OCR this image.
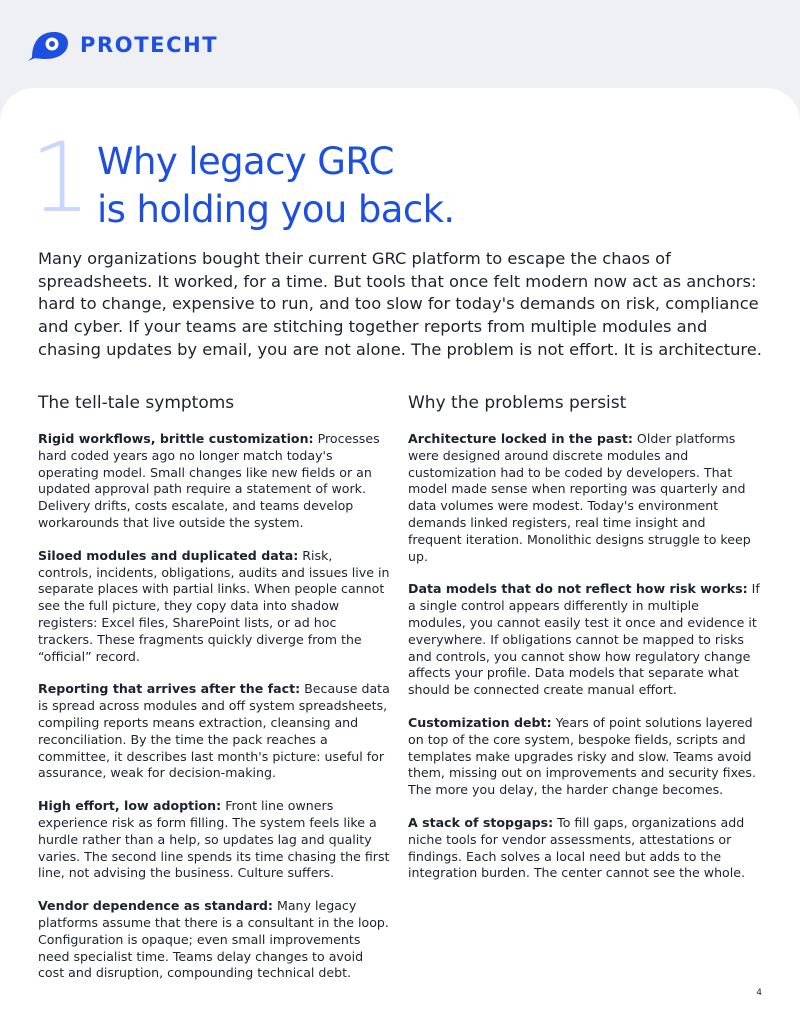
PROTECHT
1 Why legacy GRC
is holding you back.

Many organizations bought their current GRC platform to escape the chaos of spreadsheets. It worked, for a time. But tools that once felt modern now act as anchors: hard to change, expensive to run, and too slow for today's demands on risk, compliance and cyber. If your teams are stitching together reports from multiple modules and chasing updates by email, you are not alone. The problem is not effort. It is architecture.

The tell-tale symptoms

Rigid workflows, brittle customization: Processes hard coded years ago no longer match today's operating model. Small changes like new fields or an updated approval path require a statement of work. Delivery drifts, costs escalate, and teams develop workarounds that live outside the system.

Siloed modules and duplicated data: Risk, controls, incidents, obligations, audits and issues live in separate places with partial links. When people cannot see the full picture, they copy data into shadow registers: Excel files, SharePoint lists, or ad hoc trackers. These fragments quickly diverge from the “official” record.

Reporting that arrives after the fact: Because data is spread across modules and off system spreadsheets, compiling reports means extraction, cleansing and reconciliation. By the time the pack reaches a committee, it describes last month's picture: useful for assurance, weak for decision-making.

High effort, low adoption: Front line owners experience risk as form filling. The system feels like a hurdle rather than a help, so updates lag and quality varies. The second line spends its time chasing the first line, not advising the business. Culture suffers.

Vendor dependence as standard: Many legacy platforms assume that there is a consultant in the loop. Configuration is opaque; even small improvements need specialist time. Teams delay changes to avoid cost and disruption, compounding technical debt.

Why the problems persist

Architecture locked in the past: Older platforms were designed around discrete modules and customization had to be coded by developers. That model made sense when reporting was quarterly and data volumes were modest. Today's environment demands linked registers, real time insight and frequent iteration. Monolithic designs struggle to keep up.

Data models that do not reflect how risk works: If a single control appears differently in multiple modules, you cannot easily test it once and evidence it everywhere. If obligations cannot be mapped to risks and controls, you cannot show how regulatory change affects your profile. Data models that separate what should be connected create manual effort.

Customization debt: Years of point solutions layered on top of the core system, bespoke fields, scripts and templates make upgrades risky and slow. Teams avoid them, missing out on improvements and security fixes. The more you delay, the harder change becomes.

A stack of stopgaps: To fill gaps, organizations add niche tools for vendor assessments, attestations or findings. Each solves a local need but adds to the integration burden. The center cannot see the whole.

4
